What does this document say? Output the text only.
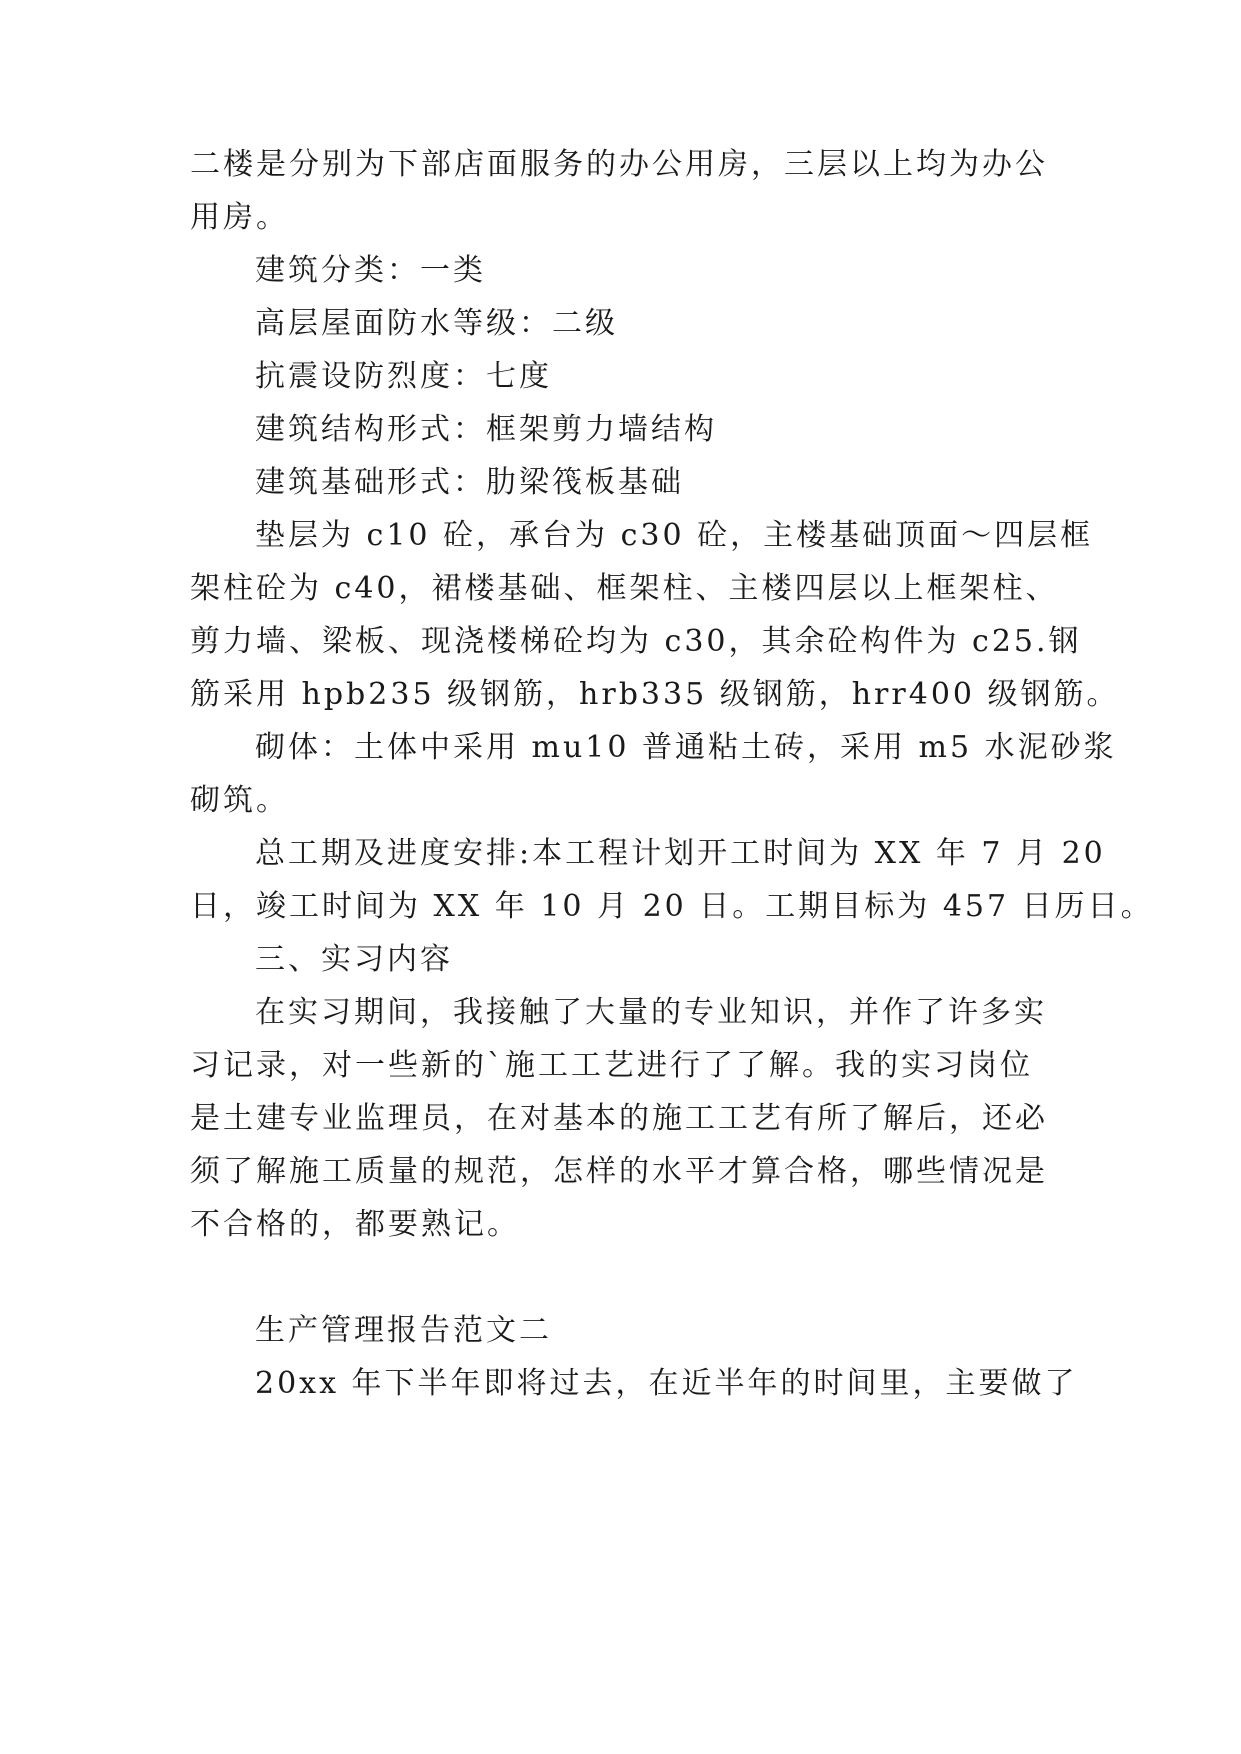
二楼是分别为下部店面服务的办公用房，三层以上均为办公
用房。
建筑分类：一类
高层屋面防水等级：二级
抗震设防烈度：七度
建筑结构形式：框架剪力墙结构
建筑基础形式：肋梁筏板基础
垫层为 c10 砼，承台为 c30 砼，主楼基础顶面～四层框
架柱砼为 c40，裙楼基础、框架柱、主楼四层以上框架柱、
剪力墙、梁板、现浇楼梯砼均为 c30，其余砼构件为 c25.钢
筋采用 hpb235 级钢筋，hrb335 级钢筋，hrr400 级钢筋。
砌体：土体中采用 mu10 普通粘土砖，采用 m5 水泥砂浆
砌筑。
总工期及进度安排:本工程计划开工时间为 XX 年 7 月 20
日，竣工时间为 XX 年 10 月 20 日。工期目标为 457 日历日。
三、实习内容
在实习期间，我接触了大量的专业知识，并作了许多实
习记录，对一些新的`施工工艺进行了了解。我的实习岗位
是土建专业监理员，在对基本的施工工艺有所了解后，还必
须了解施工质量的规范，怎样的水平才算合格，哪些情况是
不合格的，都要熟记。
生产管理报告范文二
20xx 年下半年即将过去，在近半年的时间里，主要做了
